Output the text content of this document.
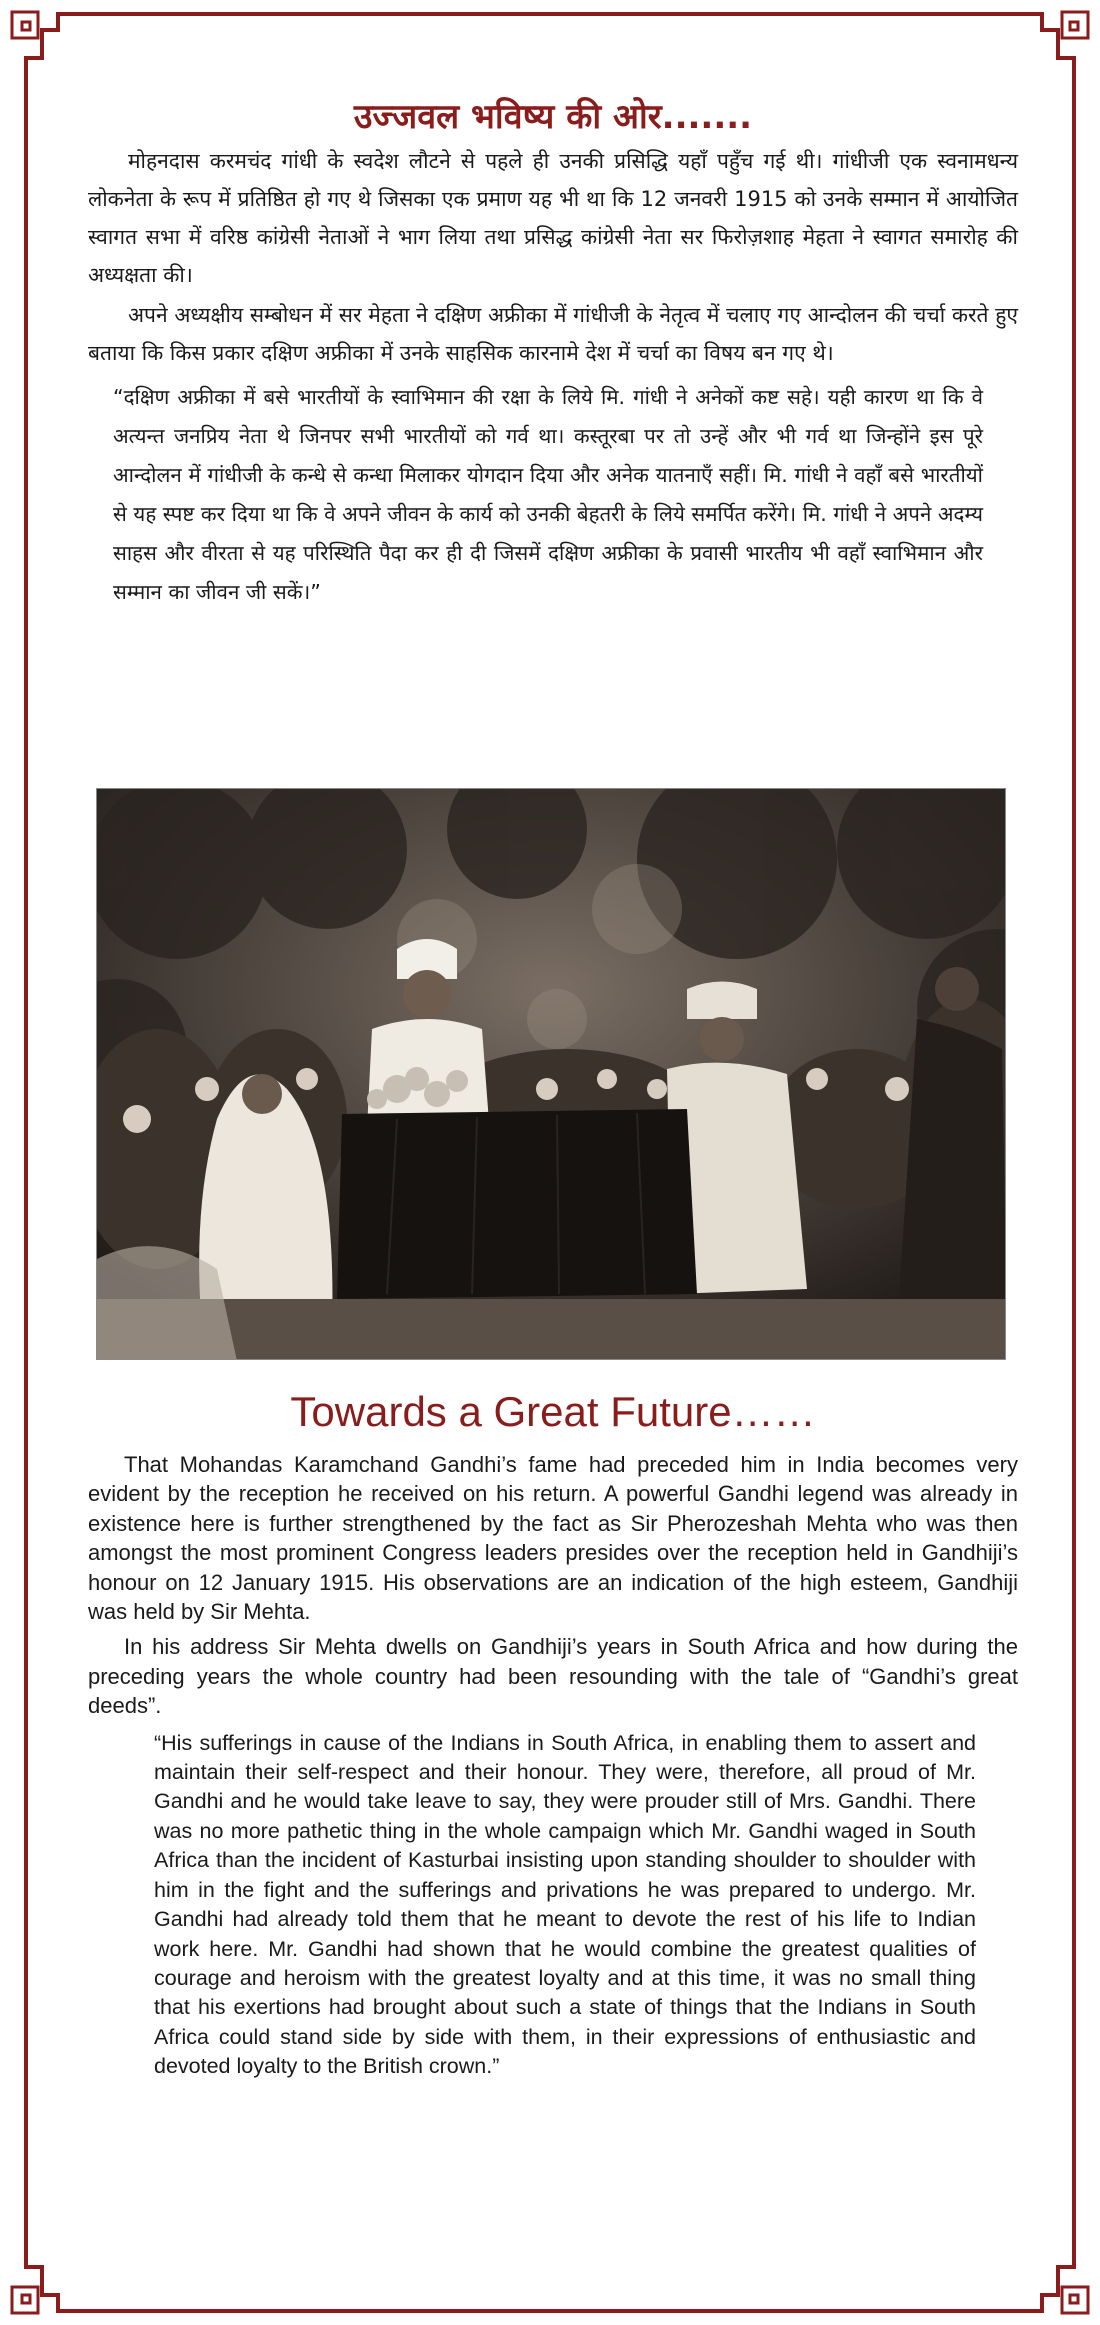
उज्जवल भविष्य की ओर.......

मोहनदास करमचंद गांधी के स्वदेश लौटने से पहले ही उनकी प्रसिद्धि यहाँ पहुँच गई थी। गांधीजी एक स्वनामधन्य लोकनेता के रूप में प्रतिष्ठित हो गए थे जिसका एक प्रमाण यह भी था कि 12 जनवरी 1915 को उनके सम्मान में आयोजित स्वागत सभा में वरिष्ठ कांग्रेसी नेताओं ने भाग लिया तथा प्रसिद्ध कांग्रेसी नेता सर फिरोज़शाह मेहता ने स्वागत समारोह की अध्यक्षता की।

अपने अध्यक्षीय सम्बोधन में सर मेहता ने दक्षिण अफ्रीका में गांधीजी के नेतृत्व में चलाए गए आन्दोलन की चर्चा करते हुए बताया कि किस प्रकार दक्षिण अफ्रीका में उनके साहसिक कारनामे देश में चर्चा का विषय बन गए थे।

“दक्षिण अफ्रीका में बसे भारतीयों के स्वाभिमान की रक्षा के लिये मि. गांधी ने अनेकों कष्ट सहे। यही कारण था कि वे अत्यन्त जनप्रिय नेता थे जिनपर सभी भारतीयों को गर्व था। कस्तूरबा पर तो उन्हें और भी गर्व था जिन्होंने इस पूरे आन्दोलन में गांधीजी के कन्धे से कन्धा मिलाकर योगदान दिया और अनेक यातनाएँ सहीं। मि. गांधी ने वहाँ बसे भारतीयों से यह स्पष्ट कर दिया था कि वे अपने जीवन के कार्य को उनकी बेहतरी के लिये समर्पित करेंगे। मि. गांधी ने अपने अदम्य साहस और वीरता से यह परिस्थिति पैदा कर ही दी जिसमें दक्षिण अफ्रीका के प्रवासी भारतीय भी वहाँ स्वाभिमान और सम्मान का जीवन जी सकें।”

Towards a Great Future……

That Mohandas Karamchand Gandhi’s fame had preceded him in India becomes very evident by the reception he received on his return. A powerful Gandhi legend was already in existence here is further strengthened by the fact as Sir Pherozeshah Mehta who was then amongst the most prominent Congress leaders presides over the reception held in Gandhiji’s honour on 12 January 1915. His observations are an indication of the high esteem, Gandhiji was held by Sir Mehta.

In his address Sir Mehta dwells on Gandhiji’s years in South Africa and how during the preceding years the whole country had been resounding with the tale of “Gandhi’s great deeds”.

“His sufferings in cause of the Indians in South Africa, in enabling them to assert and maintain their self-respect and their honour. They were, therefore, all proud of Mr. Gandhi and he would take leave to say, they were prouder still of Mrs. Gandhi. There was no more pathetic thing in the whole campaign which Mr. Gandhi waged in South Africa than the incident of Kasturbai insisting upon standing shoulder to shoulder with him in the fight and the sufferings and privations he was prepared to undergo. Mr. Gandhi had already told them that he meant to devote the rest of his life to Indian work here. Mr. Gandhi had shown that he would combine the greatest qualities of courage and heroism with the greatest loyalty and at this time, it was no small thing that his exertions had brought about such a state of things that the Indians in South Africa could stand side by side with them, in their expressions of enthusiastic and devoted loyalty to the British crown.”
